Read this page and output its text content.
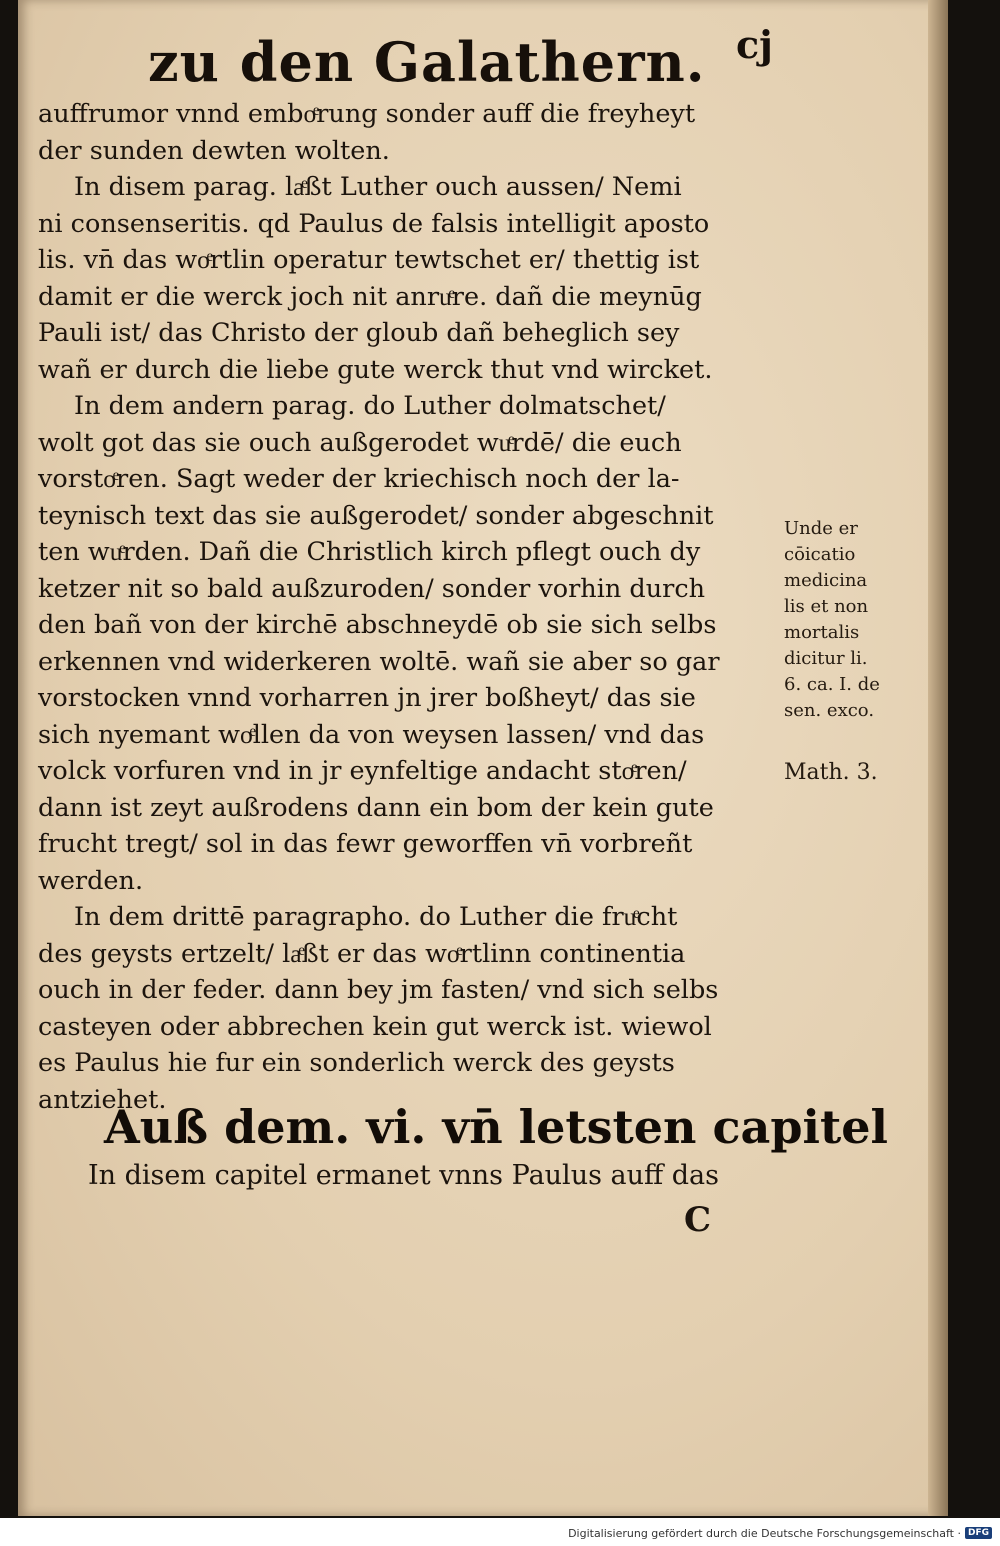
zu den Galathern. cj
auffrumor vnnd emboͤrung sonder auff die freyheyt
der sunden dewten wolten.
In disem parag. laͤßt Luther ouch aussen/ Nemi
ni consenseritis. qd Paulus de falsis intelligit aposto
lis. vn̄ das woͤrtlin operatur tewtschet er/ thettig ist
damit er die werck joch nit anruͤre. dañ die meynūg
Pauli ist/ das Christo der gloub dañ beheglich sey
wañ er durch die liebe gute werck thut vnd wircket.
In dem andern parag. do Luther dolmatschet/
wolt got das sie ouch außgerodet wuͤrdē/ die euch
vorstoͤren. Sagt weder der kriechisch noch der la-
teynisch text das sie außgerodet/ sonder abgeschnit
ten wuͤrden. Dañ die Christlich kirch pflegt ouch dy
ketzer nit so bald außzuroden/ sonder vorhin durch
den bañ von der kirchē abschneydē ob sie sich selbs
erkennen vnd widerkeren woltē. wañ sie aber so gar
vorstocken vnnd vorharren jn jrer boßheyt/ das sie
sich nyemant woͤllen da von weysen lassen/ vnd das
volck vorfuren vnd in jr eynfeltige andacht stoͤren/
dann ist zeyt außrodens dann ein bom der kein gute
frucht tregt/ sol in das fewr geworffen vn̄ vorbreñt
werden.
In dem drittē paragrapho. do Luther die fruͤcht
des geysts ertzelt/ laͤßt er das woͤrtlinn continentia
ouch in der feder. dann bey jm fasten/ vnd sich selbs
casteyen oder abbrechen kein gut werck ist. wiewol
es Paulus hie fur ein sonderlich werck des geysts
antziehet.
Auß dem. vi. vn̄ letsten capitel
In disem capitel ermanet vnns Paulus auff das
C
Unde er
cōicatio
medicina
lis et non
mortalis
dicitur li.
6. ca. I. de
sen. exco.
Math. 3.
Digitalisierung gefördert durch die Deutsche Forschungsgemeinschaft · DFG
